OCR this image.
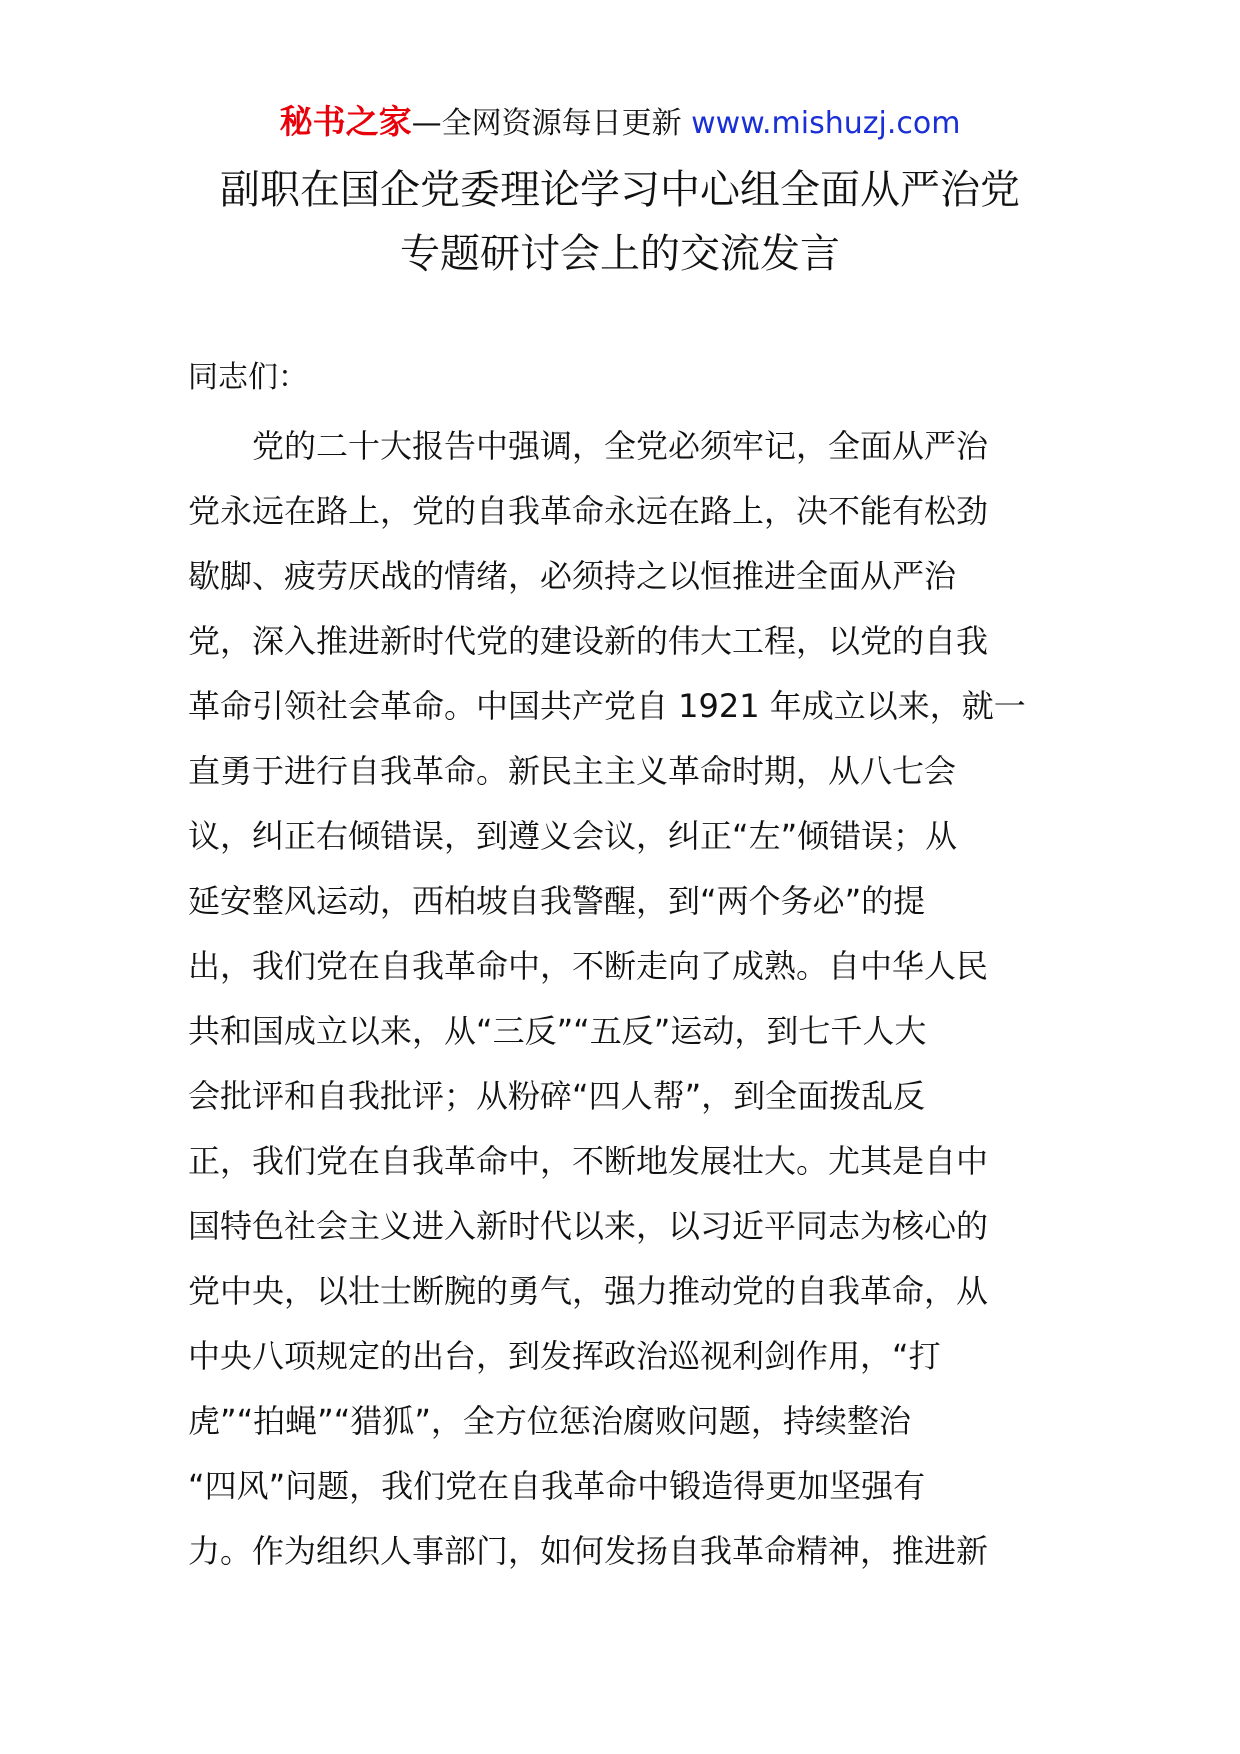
秘书之家—全网资源每日更新 www.mishuzj.com
副职在国企党委理论学习中心组全面从严治党
专题研讨会上的交流发言
同志们：
党的二十大报告中强调，全党必须牢记，全面从严治
党永远在路上，党的自我革命永远在路上，决不能有松劲
歇脚、疲劳厌战的情绪，必须持之以恒推进全面从严治
党，深入推进新时代党的建设新的伟大工程，以党的自我
革命引领社会革命。中国共产党自 1921 年成立以来，就一
直勇于进行自我革命。新民主主义革命时期，从八七会
议，纠正右倾错误，到遵义会议，纠正“左”倾错误；从
延安整风运动，西柏坡自我警醒，到“两个务必”的提
出，我们党在自我革命中，不断走向了成熟。自中华人民
共和国成立以来，从“三反”“五反”运动，到七千人大
会批评和自我批评；从粉碎“四人帮”，到全面拨乱反
正，我们党在自我革命中，不断地发展壮大。尤其是自中
国特色社会主义进入新时代以来，以习近平同志为核心的
党中央，以壮士断腕的勇气，强力推动党的自我革命，从
中央八项规定的出台，到发挥政治巡视利剑作用，“打
虎”“拍蝇”“猎狐”，全方位惩治腐败问题，持续整治
“四风”问题，我们党在自我革命中锻造得更加坚强有
力。作为组织人事部门，如何发扬自我革命精神，推进新
